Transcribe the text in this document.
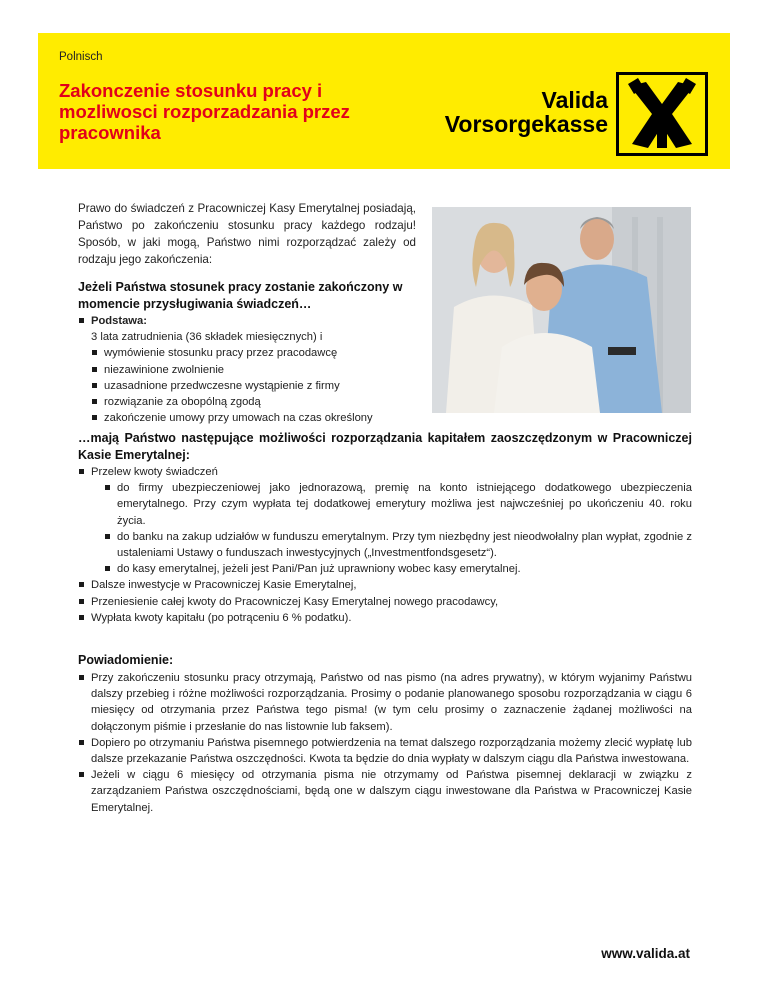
Polnisch
Zakonczenie stosunku pracy i mozliwosci rozporzadzania przez pracownika
Valida
Vorsorgekasse

Prawo do świadczeń z Pracowniczej Kasy Emerytalnej posiadają, Państwo po zakończeniu stosunku pracy każdego rodzaju! Sposób, w jaki mogą, Państwo nimi rozporządzać zależy od rodzaju jego zakończenia:

Jeżeli Państwa stosunek pracy zostanie zakończony w momencie przysługiwania świadczeń…
Podstawa:
3 lata zatrudnienia (36 składek miesięcznych) i
wymówienie stosunku pracy przez pracodawcę
niezawinione zwolnienie
uzasadnione przedwczesne wystąpienie z firmy
rozwiązanie za obopólną zgodą
zakończenie umowy przy umowach na czas określony
…mają Państwo następujące możliwości rozporządzania kapitałem zaoszczędzonym w Pracowniczej Kasie Emerytalnej:
Przelew kwoty świadczeń
do firmy ubezpieczeniowej jako jednorazową, premię na konto istniejącego dodatkowego ubezpieczenia emerytalnego. Przy czym wypłata tej dodatkowej emerytury możliwa jest najwcześniej po ukończeniu 40. roku życia.
do banku na zakup udziałów w funduszu emerytalnym. Przy tym niezbędny jest nieodwołalny plan wypłat, zgodnie z ustaleniami Ustawy o funduszach inwestycyjnych („Investmentfondsgesetz“).
do kasy emerytalnej, jeżeli jest Pani/Pan już uprawniony wobec kasy emerytalnej.
Dalsze inwestycje w Pracowniczej Kasie Emerytalnej,
Przeniesienie całej kwoty do Pracowniczej Kasy Emerytalnej nowego pracodawcy,
Wypłata kwoty kapitału (po potrąceniu 6 % podatku).
Powiadomienie:
Przy zakończeniu stosunku pracy otrzymają, Państwo od nas pismo (na adres prywatny), w którym wyjanimy Państwu dalszy przebieg i różne możliwości rozporządzania. Prosimy o podanie planowanego sposobu rozporządzania w ciągu 6 miesięcy od otrzymania przez Państwa tego pisma! (w tym celu prosimy o zaznaczenie żądanej możliwości na dołączonym piśmie i przesłanie do nas listownie lub faksem).
Dopiero po otrzymaniu Państwa pisemnego potwierdzenia na temat dalszego rozporządzania możemy zlecić wypłatę lub dalsze przekazanie Państwa oszczędności. Kwota ta będzie do dnia wypłaty w dalszym ciągu dla Państwa inwestowana.
Jeżeli w ciągu 6 miesięcy od otrzymania pisma nie otrzymamy od Państwa pisemnej deklaracji w związku z zarządzaniem Państwa oszczędnościami, będą one w dalszym ciągu inwestowane dla Państwa w Pracowniczej Kasie Emerytalnej.
www.valida.at
